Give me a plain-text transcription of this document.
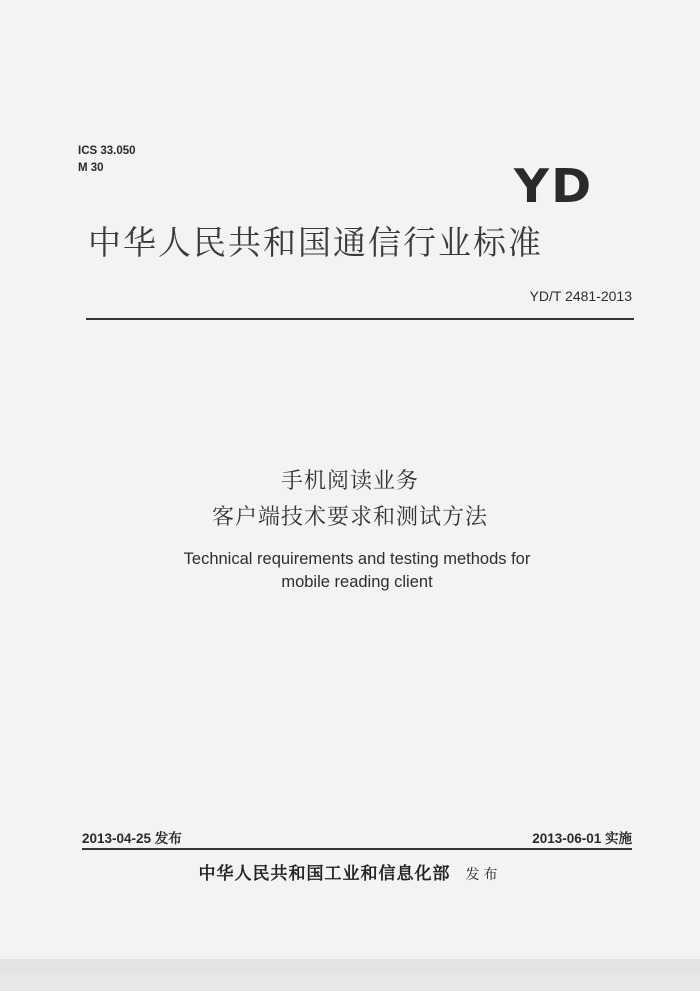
ICS 33.050
M 30	YD
中华人民共和国通信行业标准
YD/T 2481-2013
手机阅读业务
客户端技术要求和测试方法
Technical requirements and testing methods for
mobile reading client
2013-04-25 发布	2013-06-01 实施
中华人民共和国工业和信息化部 发布
